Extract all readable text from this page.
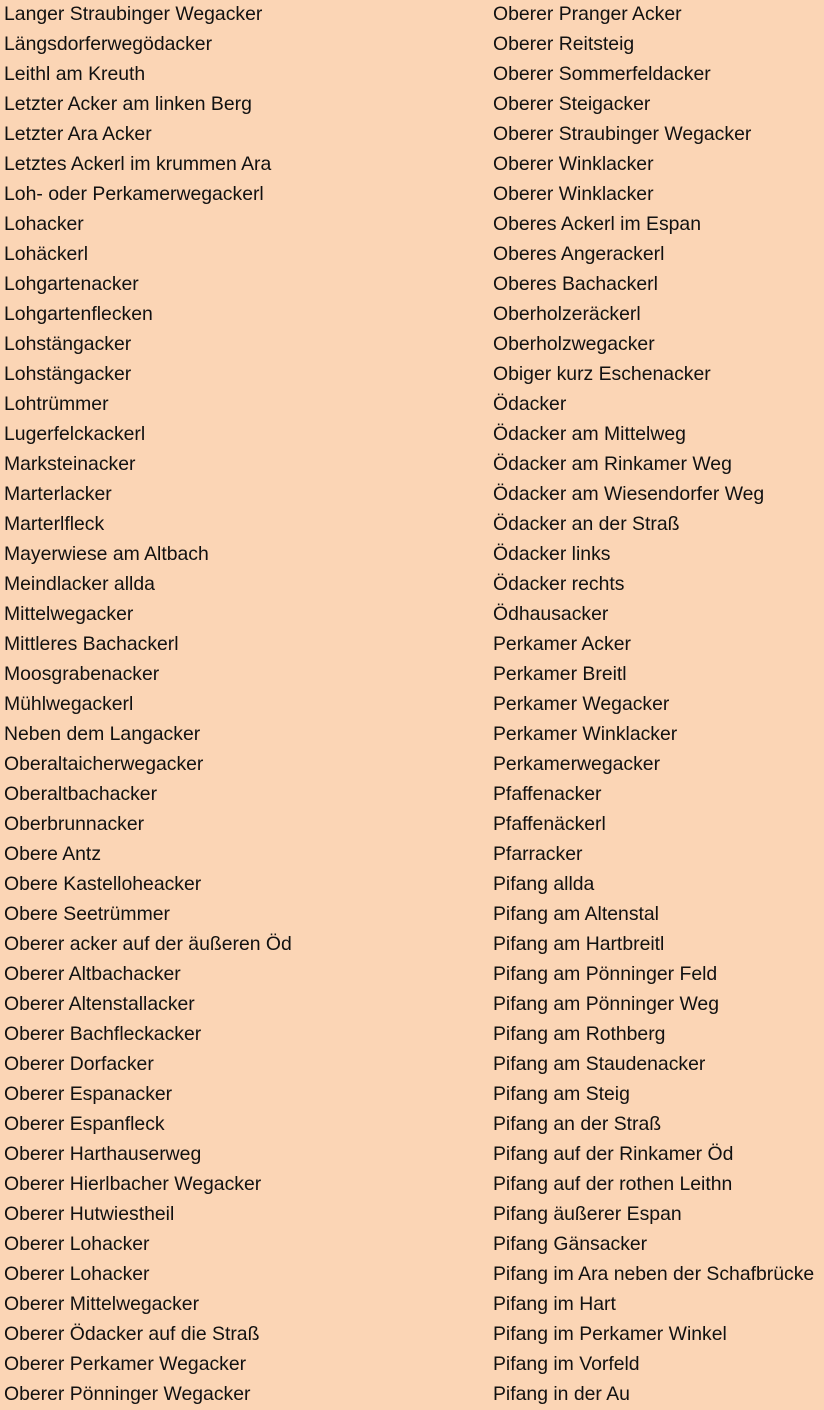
Langer Straubinger Wegacker
Längsdorferwegödacker
Leithl am Kreuth
Letzter Acker am linken Berg
Letzter Ara Acker
Letztes Ackerl im krummen Ara
Loh- oder Perkamerwegackerl
Lohacker
Lohäckerl
Lohgartenacker
Lohgartenflecken
Lohstängacker
Lohstängacker
Lohtrümmer
Lugerfelckackerl
Marksteinacker
Marterlacker
Marterlfleck
Mayerwiese am Altbach
Meindlacker allda
Mittelwegacker
Mittleres Bachackerl
Moosgrabenacker
Mühlwegackerl
Neben dem Langacker
Oberaltaicherwegacker
Oberaltbachacker
Oberbrunnacker
Obere Antz
Obere Kastelloheacker
Obere Seetrümmer
Oberer acker auf der äußeren Öd
Oberer Altbachacker
Oberer Altenstallacker
Oberer Bachfleckacker
Oberer Dorfacker
Oberer Espanacker
Oberer Espanfleck
Oberer Harthauserweg
Oberer Hierlbacher Wegacker
Oberer Hutwiestheil
Oberer Lohacker
Oberer Lohacker
Oberer Mittelwegacker
Oberer Ödacker auf die Straß
Oberer Perkamer Wegacker
Oberer Pönninger Wegacker
Oberer Pranger Acker
Oberer Reitsteig
Oberer Sommerfeldacker
Oberer Steigacker
Oberer Straubinger Wegacker
Oberer Winklacker
Oberer Winklacker
Oberes Ackerl im Espan
Oberes Angerackerl
Oberes Bachackerl
Oberholzeräckerl
Oberholzwegacker
Obiger kurz Eschenacker
Ödacker
Ödacker am Mittelweg
Ödacker am Rinkamer Weg
Ödacker am Wiesendorfer Weg
Ödacker an der Straß
Ödacker links
Ödacker rechts
Ödhausacker
Perkamer Acker
Perkamer Breitl
Perkamer Wegacker
Perkamer Winklacker
Perkamerwegacker
Pfaffenacker
Pfaffenäckerl
Pfarracker
Pifang allda
Pifang am Altenstal
Pifang am Hartbreitl
Pifang am Pönninger Feld
Pifang am Pönninger Weg
Pifang am Rothberg
Pifang am Staudenacker
Pifang am Steig
Pifang an der Straß
Pifang auf der Rinkamer Öd
Pifang auf der rothen Leithn
Pifang äußerer Espan
Pifang Gänsacker
Pifang im Ara neben der Schafbrücke
Pifang im Hart
Pifang im Perkamer Winkel
Pifang im Vorfeld
Pifang in der Au
